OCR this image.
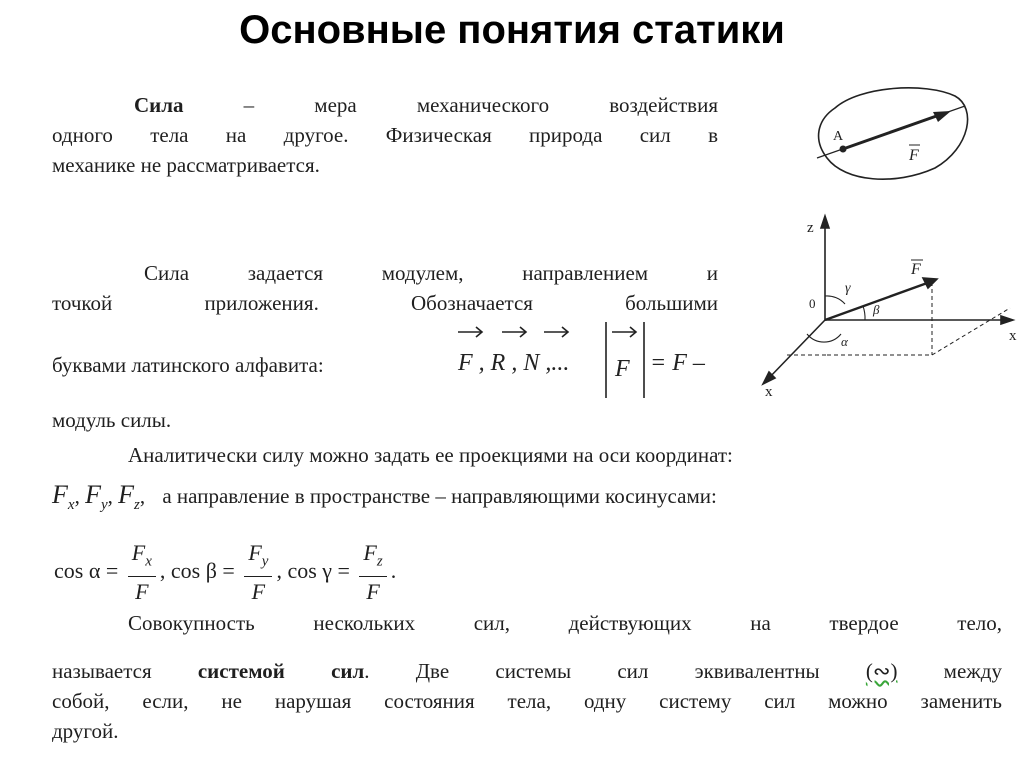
Основные понятия статики
Сила – мера механического воздействия
одного тела на другое. Физическая природа сил в
механике не рассматривается.
Сила задается модулем, направлением и
точкой приложения. Обозначается большими
буквами латинского алфавита:	F , R , N ,... F = F –
модуль силы.
Аналитически силу можно задать ее проекциями на оси координат:
$F_x$, $F_y$, $F_z$, а направление в пространстве – направляющими косинусами:
$\cos \alpha = \frac{F_x}{F}$ , $\cos \beta = \frac{F_y}{F}$ , $\cos \gamma = \frac{F_z}{F}$ .
Совокупность нескольких сил, действующих на твердое тело,
называется системой сил. Две системы сил эквивалентны (∾) между
собой, если, не нарушая состояния тела, одну систему сил можно заменить
другой.
A
F
z
x
x
0
F
γ
β
α
